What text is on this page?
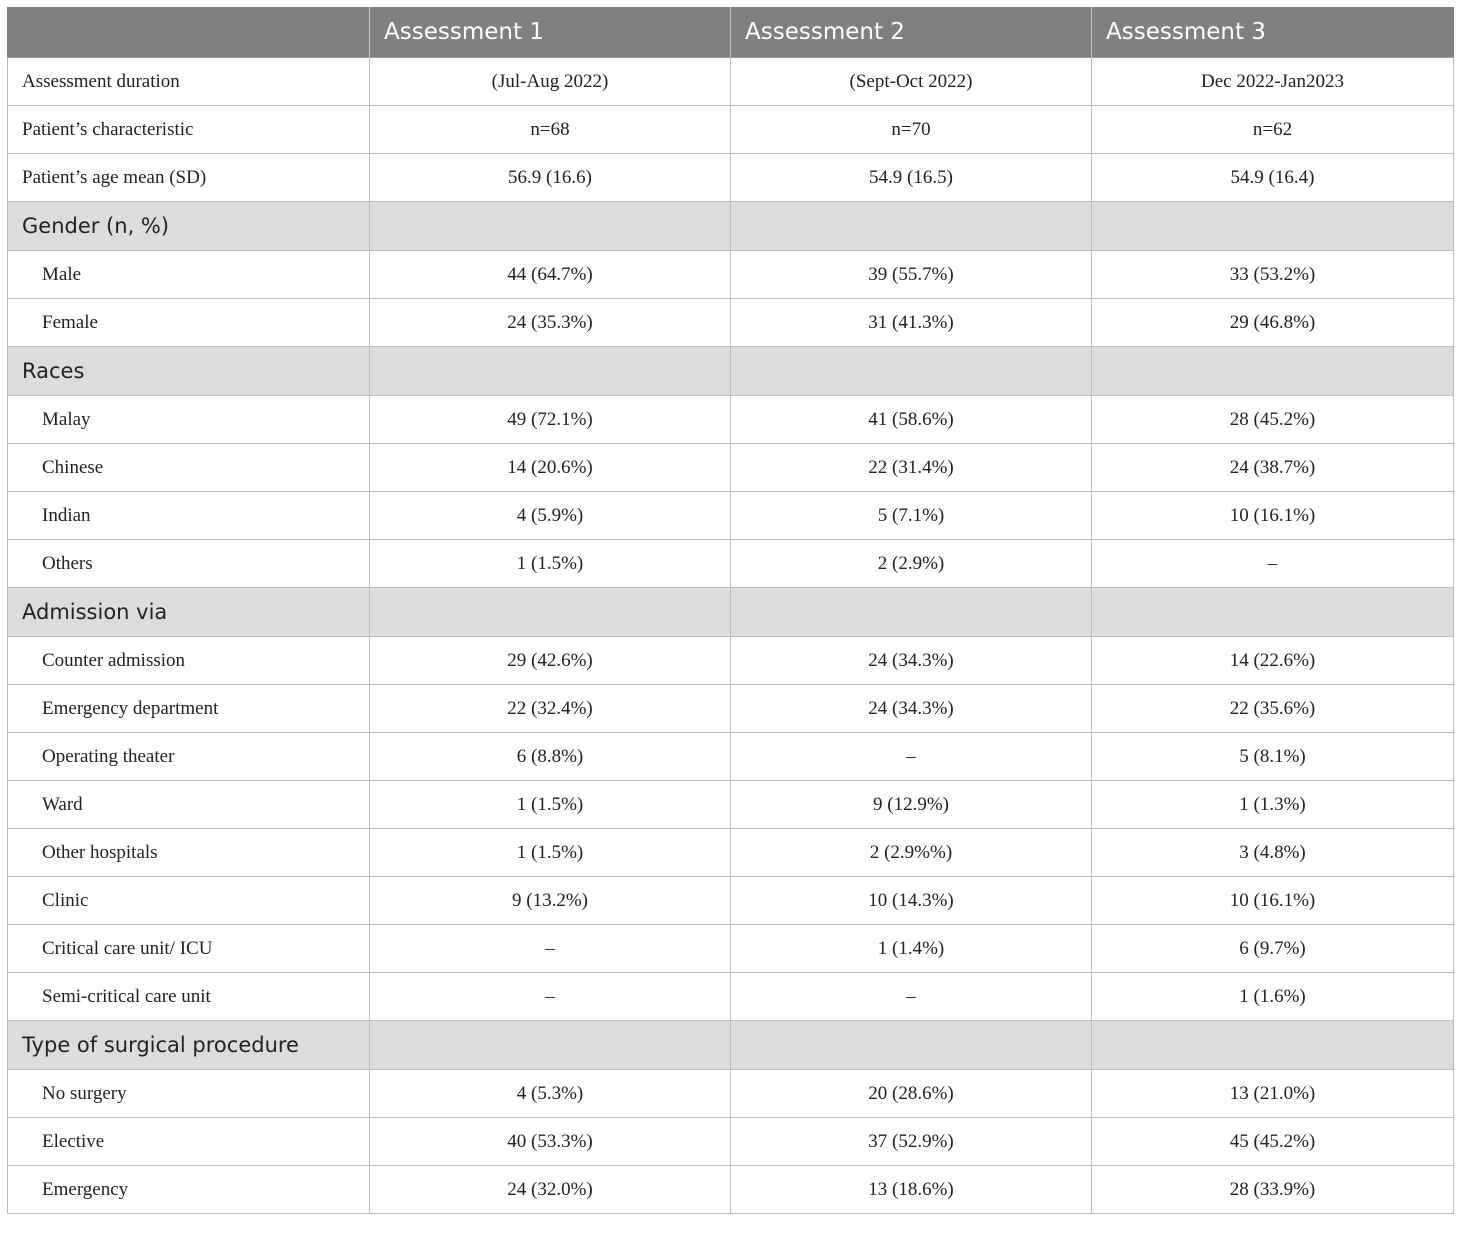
	Assessment 1	Assessment 2	Assessment 3
Assessment duration	(Jul-Aug 2022)	(Sept-Oct 2022)	Dec 2022-Jan2023
Patient’s characteristic	n=68	n=70	n=62
Patient’s age mean (SD)	56.9 (16.6)	54.9 (16.5)	54.9 (16.4)
Gender (n, %)			
Male	44 (64.7%)	39 (55.7%)	33 (53.2%)
Female	24 (35.3%)	31 (41.3%)	29 (46.8%)
Races			
Malay	49 (72.1%)	41 (58.6%)	28 (45.2%)
Chinese	14 (20.6%)	22 (31.4%)	24 (38.7%)
Indian	4 (5.9%)	5 (7.1%)	10 (16.1%)
Others	1 (1.5%)	2 (2.9%)	–
Admission via			
Counter admission	29 (42.6%)	24 (34.3%)	14 (22.6%)
Emergency department	22 (32.4%)	24 (34.3%)	22 (35.6%)
Operating theater	6 (8.8%)	–	5 (8.1%)
Ward	1 (1.5%)	9 (12.9%)	1 (1.3%)
Other hospitals	1 (1.5%)	2 (2.9%%)	3 (4.8%)
Clinic	9 (13.2%)	10 (14.3%)	10 (16.1%)
Critical care unit/ ICU	–	1 (1.4%)	6 (9.7%)
Semi-critical care unit	–	–	1 (1.6%)
Type of surgical procedure			
No surgery	4 (5.3%)	20 (28.6%)	13 (21.0%)
Elective	40 (53.3%)	37 (52.9%)	45 (45.2%)
Emergency	24 (32.0%)	13 (18.6%)	28 (33.9%)
